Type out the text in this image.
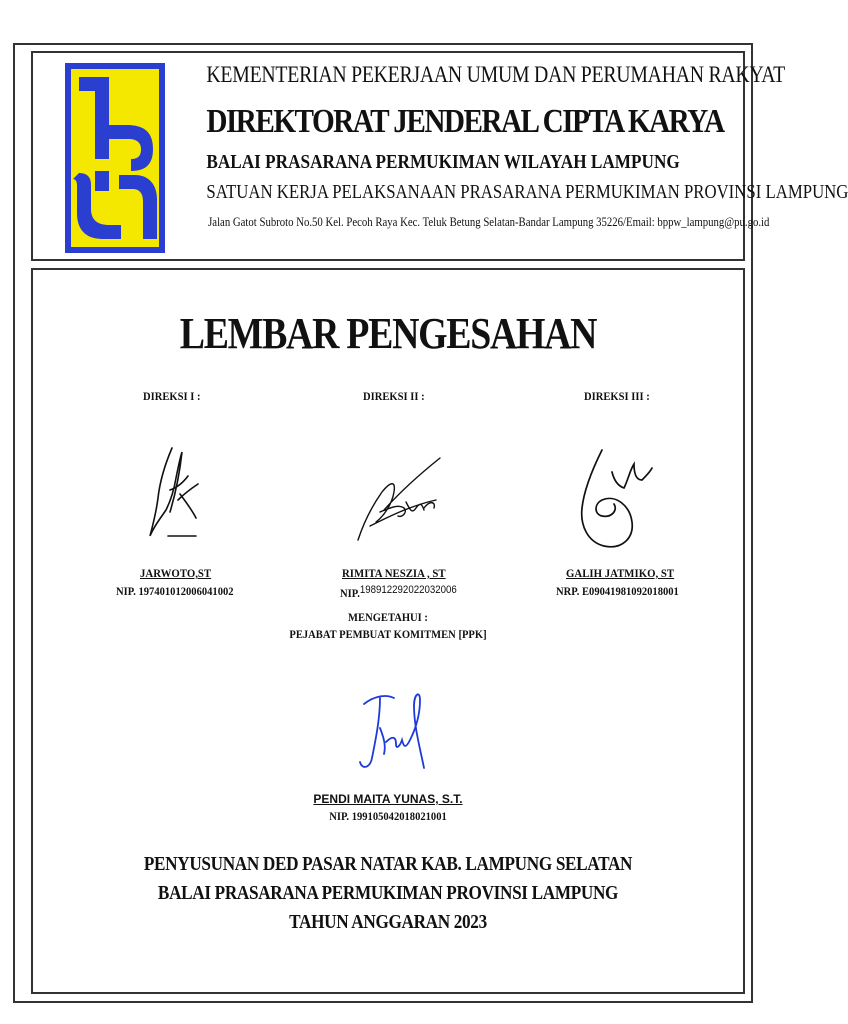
KEMENTERIAN PEKERJAAN UMUM DAN PERUMAHAN RAKYAT
DIREKTORAT JENDERAL CIPTA KARYA
BALAI PRASARANA PERMUKIMAN WILAYAH LAMPUNG
SATUAN KERJA PELAKSANAAN PRASARANA PERMUKIMAN PROVINSI LAMPUNG
Jalan Gatot Subroto No.50 Kel. Pecoh Raya Kec. Teluk Betung Selatan-Bandar Lampung 35226/Email: bppw_lampung@pu.go.id
LEMBAR PENGESAHAN
DIREKSI I :
JARWOTO,ST
NIP. 197401012006041002
DIREKSI II :
RIMITA NESZIA , ST
NIP.198912292022032006
DIREKSI III :
GALIH JATMIKO, ST
NRP. E09041981092018001
MENGETAHUI :
PEJABAT PEMBUAT KOMITMEN [PPK]
PENDI MAITA YUNAS, S.T.
NIP. 199105042018021001
PENYUSUNAN DED PASAR NATAR KAB. LAMPUNG SELATAN
BALAI PRASARANA PERMUKIMAN PROVINSI LAMPUNG
TAHUN ANGGARAN 2023
